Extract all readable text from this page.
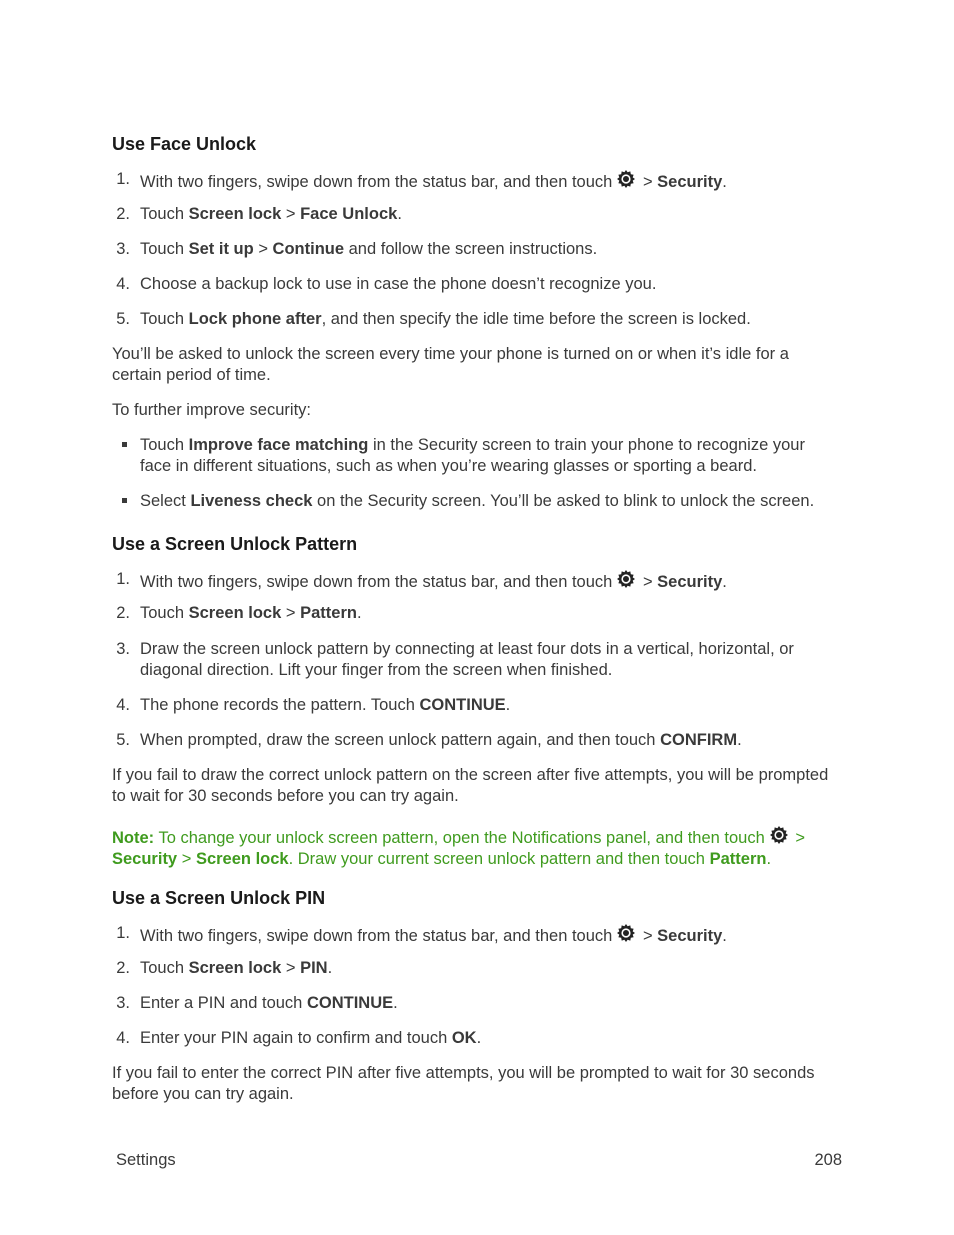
Use Face Unlock
1. With two fingers, swipe down from the status bar, and then touch > Security.
2. Touch Screen lock > Face Unlock.
3. Touch Set it up > Continue and follow the screen instructions.
4. Choose a backup lock to use in case the phone doesn’t recognize you.
5. Touch Lock phone after, and then specify the idle time before the screen is locked.
You’ll be asked to unlock the screen every time your phone is turned on or when it’s idle for a certain period of time.
To further improve security:
Touch Improve face matching in the Security screen to train your phone to recognize your face in different situations, such as when you’re wearing glasses or sporting a beard.
Select Liveness check on the Security screen. You’ll be asked to blink to unlock the screen.
Use a Screen Unlock Pattern
1. With two fingers, swipe down from the status bar, and then touch > Security.
2. Touch Screen lock > Pattern.
3. Draw the screen unlock pattern by connecting at least four dots in a vertical, horizontal, or diagonal direction. Lift your finger from the screen when finished.
4. The phone records the pattern. Touch CONTINUE.
5. When prompted, draw the screen unlock pattern again, and then touch CONFIRM.
If you fail to draw the correct unlock pattern on the screen after five attempts, you will be prompted to wait for 30 seconds before you can try again.
Note: To change your unlock screen pattern, open the Notifications panel, and then touch > Security > Screen lock. Draw your current screen unlock pattern and then touch Pattern.
Use a Screen Unlock PIN
1. With two fingers, swipe down from the status bar, and then touch > Security.
2. Touch Screen lock > PIN.
3. Enter a PIN and touch CONTINUE.
4. Enter your PIN again to confirm and touch OK.
If you fail to enter the correct PIN after five attempts, you will be prompted to wait for 30 seconds before you can try again.
Settings	208
